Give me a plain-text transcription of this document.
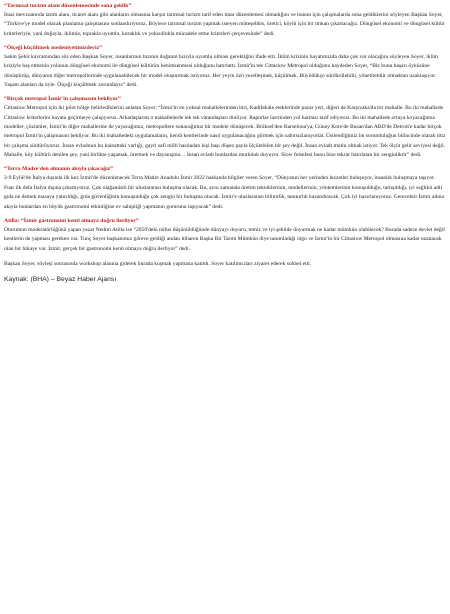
“Tarımsal turizm alanı düzenlemesinde sona geldik”

İmar mevzuatında tarım alanı, ticaret alanı gibi alanların olmasına karşın tarımsal turizm tarif eden imar düzenlemesi olmadığını ve bunun için çalışmalarda sona geldiklerini söyleyen Başkan Soyer, “Türkiye'ye model olacak planlama çalışmasını sonlandırıyoruz. Böylece tarımsal turizm yapmak isteyen müteşebbis, üretici, köylü için bir imkan çıkartacağız. Döngüsel ekonomi ve döngüsel kültür kriterleriyle, yani doğayla, iklimle, toprakla uyumlu, kuraklık ve yoksullukla mücadele etme kriterleri çerçevesinde” dedi.

“Ölçeği küçültmek medeniyetimizdeyiz”

Sakin Şehir kavramından söz eden Başkan Soyer, insanlarının hızının doğanın hızıyla uyumlu olması gerektiğini ifade etti. İklim krizinin hayatımızda daha çok var olacağını söyleyen Soyer, iklim kriziyle baş etmenin yolunun döngüsel ekonomi ile döngüsel kültürün benimsenmesi olduğunu hatırlattı. İzmir'in tek Cittaslow Metropol olduğunu kaydeden Soyer, “Biz bunu başarı öyküsüne dönüştürüp, dünyanın diğer metropollerinde uygulanabilecek bir model oluşturmak istiyoruz. Her yeyin özü yerelleşmek, küçülmek. Büyüdükçe sürdürülebilir, yönetilebilir olmaktan uzaklaşıyor. Yaşam alanları da öyle. Ölçeği küçültmek zorundayız” dedi.

“Birçok metropol İzmir'in çalışmasını bekliyor”

Cittaslow Metropol için iki pilot bölge belirlediklerini anlatan Soyer, “İzmir'in en yoksul mahallelerinden biri, Kadifekale eteklerinde pazar yeri, diğeri de Karşıyaka'da bir mahalle. Bu iki mahallede Cittaslow kriterlerini hayata geçirmeye çalışıyoruz. Arkadaşlarım o mahallelerde tek tek vatandaşları dinliyor. Raporlar üzerinden yol haritası tarif ediyoruz. Bu iki mahallede ortaya koyacağımız modeller, çözümler, İzmir'in diğer mahallerine de yayacağımız, metropollere sunacağımız bir modele dönüşecek. Brüksel'den Barselona'ya, Güney Kore'de Busan'dan ABD'de Detroit'e kadar birçok metropol İzmir'in çalışmasını bekliyor. Bu iki mahalledeki uygulamaların, kendi kentlerinde nasıl uygulanacağını görmek için sabırsızlanıyorlar. Üstlendiğimiz bu sorumluluğun bilincinde olarak titiz bir çalışma sürdürüyoruz. İnsan evladının bu kainattaki varlığı, gayri safi milli hasıladan kişi başı düşen payla ölçülebilen bir şey değil. İnsan evladı mutlu olmak istiyor. Tek ölçüt gelir seviyesi değil. Mahalle, köy kültürü denilen şey, yani birlikte yaşamak, üretmek ve dayanışma… İnsan evladı bunlardan mutluluk duyuyor. Slow felsefesi bunu bize tekrar hatırlatan bir zenginliktir” dedi.

“Terra Madre'den alınanın akıyla çıkacağız”

2-9 Eylül'de İtalya dışında ilk kez İzmir'de düzenlenecek Terra Madre Anadolu İzmir 2022 hakkında bilgiler veren Soyer, “Dünyanın her yerinden lezzetler buluşuyor, insanlık buluşmaya taşıyor. Fuar ilk defa İtalya dışına çıkartıyoruz. Çok olağanüstü bir uluslararası buluşma olacak. Bu, aynı zamanda üretim tekniklerinin, modellerinin, yöntemlerinin konuşulduğu, tartışıldığı, iyi sağlıklı adil gıda ne demek masaya yatırıldığı, gıda güvenliğinin konuşulduğu çok zengin bir buluşma olacak. İzmir'e uluslararası bilinirlik, tanınırlık kazandıracak. Çok iyi hazırlanıyoruz. Gerecektir İzmir adına akıyla bunlardan en büyük gastronomi etkinliğine ev sahipliği yapmanın gururunu taşıyacak” dedi.

Atilla: “İzmir gastronomi kenti olmaya doğru ilerliyor”

Oturumun moderatörlüğünü yapan yazar Nedim Atilla ise “2050'deki nüfus düşünüldüğünde dünyayı doyuru, temiz ve iyi şekilde doyurmak ne kadar mümkün olabilecek? Burada sadece devlet değil kentlerin de yapması gereken var. Tunç Soyer başkanımız göreve geldiği andan itibaren Başka Bir Tarım Mümkün diye tanımladığı olgu ve İzmir'in bir Cittaslow Metropol olmasına kadar uzanacak olan bir hikaye var. İzmir, gerçek bir gastronomi kenti olmaya doğru ilerliyor” dedi.

Başkan Soyer, söyleşi sonrasında workshop alanına giderek burada kuşmak yapmana katıldı. Soyer katılımcıları ziyaret ederek sohbet etti.

Kaynak: (BHA) – Beyaz Haber Ajansı
